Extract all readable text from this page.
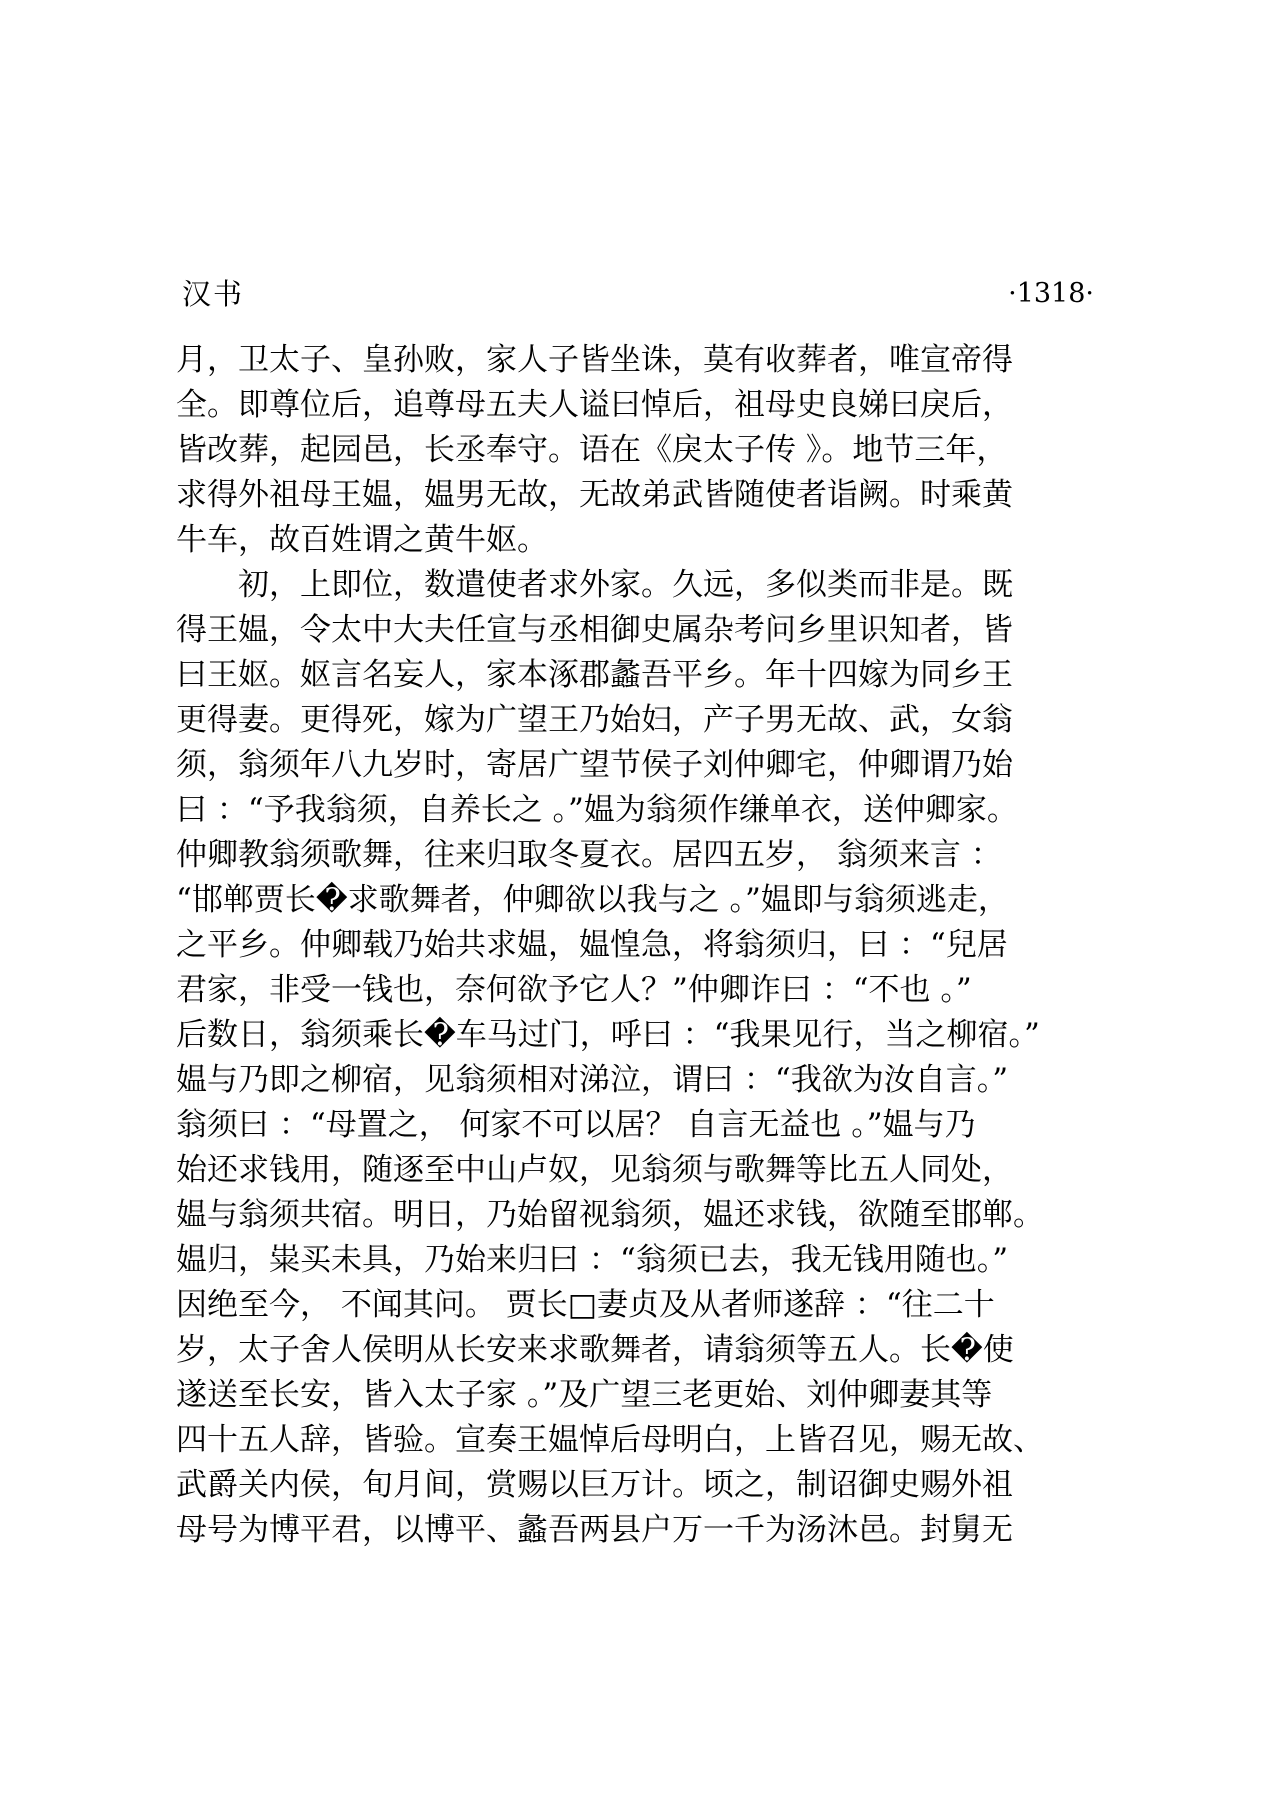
汉书	·1318·
月，卫太子、皇孙败，家人子皆坐诛，莫有收葬者，唯宣帝得
全。即尊位后，追尊母五夫人谥曰悼后，祖母史良娣曰戾后，
皆改葬，起园邑，长丞奉守。语在《戾太子传 》。地节三年，
求得外祖母王媪，媪男无故，无故弟武皆随使者诣阙。时乘黄
牛车，故百姓谓之黄牛妪。
初，上即位，数遣使者求外家。久远，多似类而非是。既
得王媪，令太中大夫任宣与丞相御史属杂考问乡里识知者，皆
曰王妪。妪言名妄人，家本涿郡蠡吾平乡。年十四嫁为同乡王
更得妻。更得死，嫁为广望王乃始妇，产子男无故、武，女翁
须，翁须年八九岁时，寄居广望节侯子刘仲卿宅，仲卿谓乃始
曰 ：“予我翁须，自养长之 。”媪为翁须作缣单衣，送仲卿家。
仲卿教翁须歌舞，往来归取冬夏衣。居四五岁， 翁须来言 ：
“邯郸贾长�求歌舞者，仲卿欲以我与之 。”媪即与翁须逃走，
之平乡。仲卿载乃始共求媪，媪惶急，将翁须归，曰 ：“兒居
君家，非受一钱也，奈何欲予它人？”仲卿诈曰 ：“不也 。”
后数日，翁须乘长�车马过门，呼曰 ：“我果见行，当之柳宿。”
媪与乃即之柳宿，见翁须相对涕泣，谓曰 ：“我欲为汝自言。”
翁须曰 ：“母置之， 何家不可以居？ 自言无益也 。”媪与乃
始还求钱用，随逐至中山卢奴，见翁须与歌舞等比五人同处，
媪与翁须共宿。明日，乃始留视翁须，媪还求钱，欲随至邯郸。
媪归，粜买未具，乃始来归曰 ：“翁须已去，我无钱用随也。”
因绝至今， 不闻其问。 贾长□妻贞及从者师遂辞 ：“往二十
岁，太子舍人侯明从长安来求歌舞者，请翁须等五人。长�使
遂送至长安，皆入太子家 。”及广望三老更始、刘仲卿妻其等
四十五人辞，皆验。宣奏王媪悼后母明白，上皆召见，赐无故、
武爵关内侯，旬月间，赏赐以巨万计。顷之，制诏御史赐外祖
母号为博平君，以博平、蠡吾两县户万一千为汤沐邑。封舅无
